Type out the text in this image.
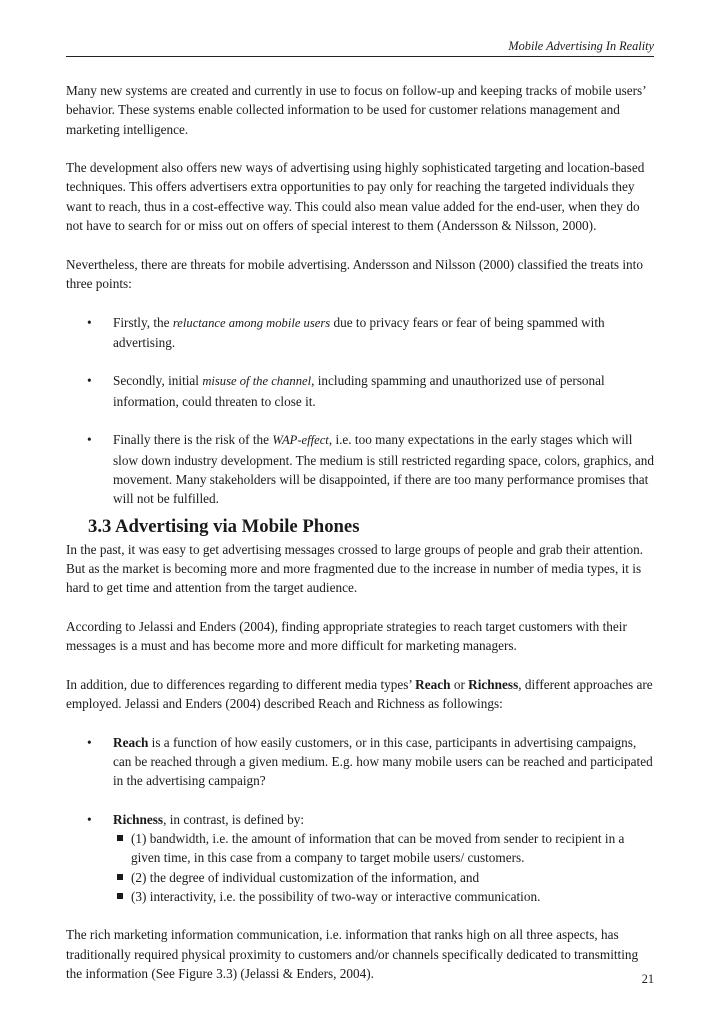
Mobile Advertising In Reality

Many new systems are created and currently in use to focus on follow-up and keeping tracks of mobile users’ behavior. These systems enable collected information to be used for customer relations management and marketing intelligence.

The development also offers new ways of advertising using highly sophisticated targeting and location-based techniques. This offers advertisers extra opportunities to pay only for reaching the targeted individuals they want to reach, thus in a cost-effective way. This could also mean value added for the end-user, when they do not have to search for or miss out on offers of special interest to them (Andersson & Nilsson, 2000).

Nevertheless, there are threats for mobile advertising. Andersson and Nilsson (2000) classified the treats into three points:

•	Firstly, the reluctance among mobile users due to privacy fears or fear of being spammed with advertising.
•	Secondly, initial misuse of the channel, including spamming and unauthorized use of personal information, could threaten to close it.
•	Finally there is the risk of the WAP-effect, i.e. too many expectations in the early stages which will slow down industry development. The medium is still restricted regarding space, colors, graphics, and movement. Many stakeholders will be disappointed, if there are too many performance promises that will not be fulfilled.
3.3 Advertising via Mobile Phones

In the past, it was easy to get advertising messages crossed to large groups of people and grab their attention. But as the market is becoming more and more fragmented due to the increase in number of media types, it is hard to get time and attention from the target audience.

According to Jelassi and Enders (2004), finding appropriate strategies to reach target customers with their messages is a must and has become more and more difficult for marketing managers.

In addition, due to differences regarding to different media types’ Reach or Richness, different approaches are employed. Jelassi and Enders (2004) described Reach and Richness as followings:

•	Reach is a function of how easily customers, or in this case, participants in advertising campaigns, can be reached through a given medium. E.g. how many mobile users can be reached and participated in the advertising campaign?
•	Richness, in contrast, is defined by:
(1) bandwidth, i.e. the amount of information that can be moved from sender to recipient in a given time, in this case from a company to target mobile users/ customers.
(2) the degree of individual customization of the information, and
(3) interactivity, i.e. the possibility of two-way or interactive communication.

The rich marketing information communication, i.e. information that ranks high on all three aspects, has traditionally required physical proximity to customers and/or channels specifically dedicated to transmitting the information (See Figure 3.3) (Jelassi & Enders, 2004).	21
